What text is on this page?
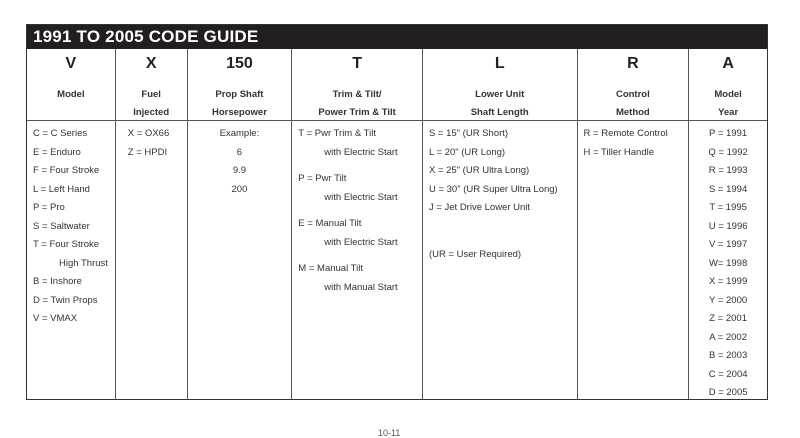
1991 TO 2005 CODE GUIDE
V
Model
C = C Series
E = Enduro
F = Four Stroke
L = Left Hand
P = Pro
S = Saltwater
T = Four Stroke
High Thrust
B = Inshore
D = Twin Props
V = VMAX
X
Fuel
Injected
X = OX66
Z = HPDI
150
Prop Shaft
Horsepower
Example:
6
9.9
200
T
Trim & Tilt/
Power Trim & Tilt
T = Pwr Trim & Tilt
with Electric Start
P = Pwr Tilt
with Electric Start
E = Manual Tilt
with Electric Start
M = Manual Tilt
with Manual Start
L
Lower Unit
Shaft Length
S = 15" (UR Short)
L = 20" (UR Long)
X = 25" (UR Ultra Long)
U = 30" (UR Super Ultra Long)
J = Jet Drive Lower Unit
(UR = User Required)
R
Control
Method
R = Remote Control
H = Tiller Handle
A
Model
Year
P = 1991
Q = 1992
R = 1993
S = 1994
T = 1995
U = 1996
V = 1997
W= 1998
X = 1999
Y = 2000
Z = 2001
A = 2002
B = 2003
C = 2004
D = 2005
10-11
